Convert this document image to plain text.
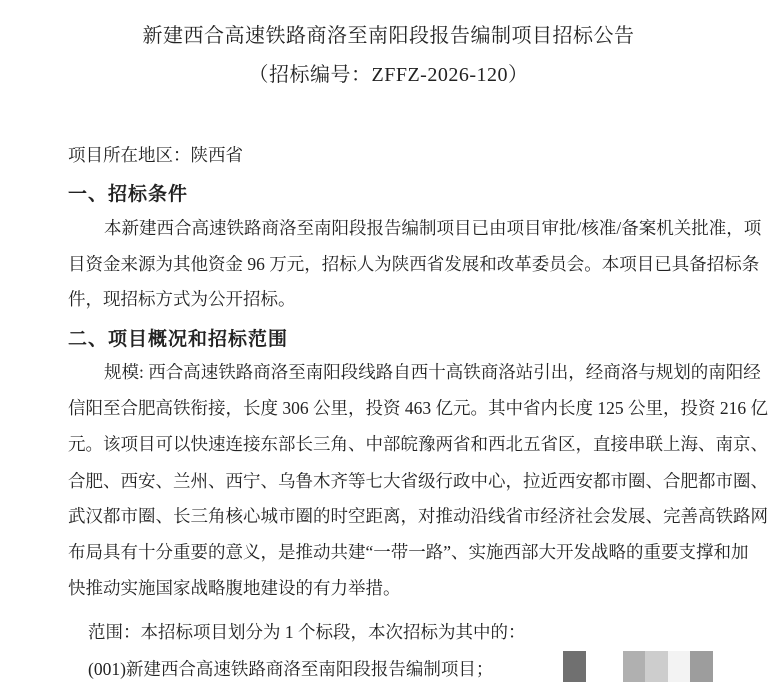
新建西合高速铁路商洛至南阳段报告编制项目招标公告
（招标编号：ZFFZ-2026-120）
项目所在地区：陕西省
一、招标条件
本新建西合高速铁路商洛至南阳段报告编制项目已由项目审批/核准/备案机关批准，项
目资金来源为其他资金 96 万元，招标人为陕西省发展和改革委员会。本项目已具备招标条
件，现招标方式为公开招标。
二、项目概况和招标范围
规模: 西合高速铁路商洛至南阳段线路自西十高铁商洛站引出，经商洛与规划的南阳经
信阳至合肥高铁衔接，长度 306 公里，投资 463 亿元。其中省内长度 125 公里，投资 216 亿
元。该项目可以快速连接东部长三角、中部皖豫两省和西北五省区，直接串联上海、南京、
合肥、西安、兰州、西宁、乌鲁木齐等七大省级行政中心，拉近西安都市圈、合肥都市圈、
武汉都市圈、长三角核心城市圈的时空距离，对推动沿线省市经济社会发展、完善高铁路网
布局具有十分重要的意义，是推动共建“一带一路”、实施西部大开发战略的重要支撑和加
快推动实施国家战略腹地建设的有力举措。
范围：本招标项目划分为 1 个标段，本次招标为其中的：
(001)新建西合高速铁路商洛至南阳段报告编制项目；
